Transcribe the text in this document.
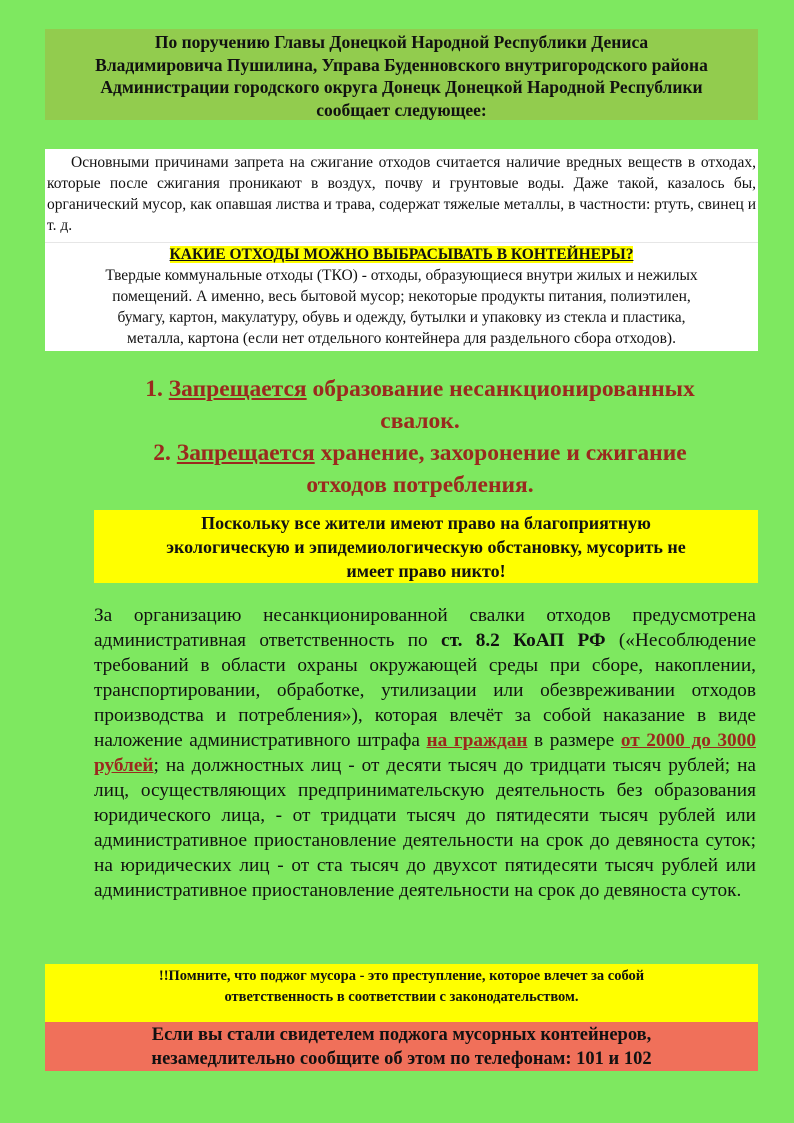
По поручению Главы Донецкой Народной Республики Дениса
Владимировича Пушилина, Управа Буденновского внутригородского района
Администрации городского округа Донецк Донецкой Народной Республики
сообщает следующее:
Основными причинами запрета на сжигание отходов считается наличие вредных веществ в отходах, которые после сжигания проникают в воздух, почву и грунтовые воды. Даже такой, казалось бы, органический мусор, как опавшая листва и трава, содержат тяжелые металлы, в частности: ртуть, свинец и т. д.
КАКИЕ ОТХОДЫ МОЖНО ВЫБРАСЫВАТЬ В КОНТЕЙНЕРЫ?
Твердые коммунальные отходы (ТКО) - отходы, образующиеся внутри жилых и нежилых
помещений. А именно, весь бытовой мусор; некоторые продукты питания, полиэтилен,
бумагу, картон, макулатуру, обувь и одежду, бутылки и упаковку из стекла и пластика,
металла, картона (если нет отдельного контейнера для раздельного сбора отходов).
1. Запрещается образование несанкционированных
свалок.
2. Запрещается хранение, захоронение и сжигание
отходов потребления.
Поскольку все жители имеют право на благоприятную
экологическую и эпидемиологическую обстановку, мусорить не
имеет право никто!
За организацию несанкционированной свалки отходов предусмотрена административная ответственность по ст. 8.2 КоАП РФ («Несоблюдение требований в области охраны окружающей среды при сборе, накоплении, транспортировании, обработке, утилизации или обезвреживании отходов производства и потребления»), которая влечёт за собой наказание в виде наложение административного штрафа на граждан в размере от 2000 до 3000 рублей; на должностных лиц - от десяти тысяч до тридцати тысяч рублей; на лиц, осуществляющих предпринимательскую деятельность без образования юридического лица, - от тридцати тысяч до пятидесяти тысяч рублей или административное приостановление деятельности на срок до девяноста суток; на юридических лиц - от ста тысяч до двухсот пятидесяти тысяч рублей или административное приостановление деятельности на срок до девяноста суток.
!!Помните, что поджог мусора - это преступление, которое влечет за собой
ответственность в соответствии с законодательством.
Если вы стали свидетелем поджога мусорных контейнеров,
незамедлительно сообщите об этом по телефонам: 101 и 102
